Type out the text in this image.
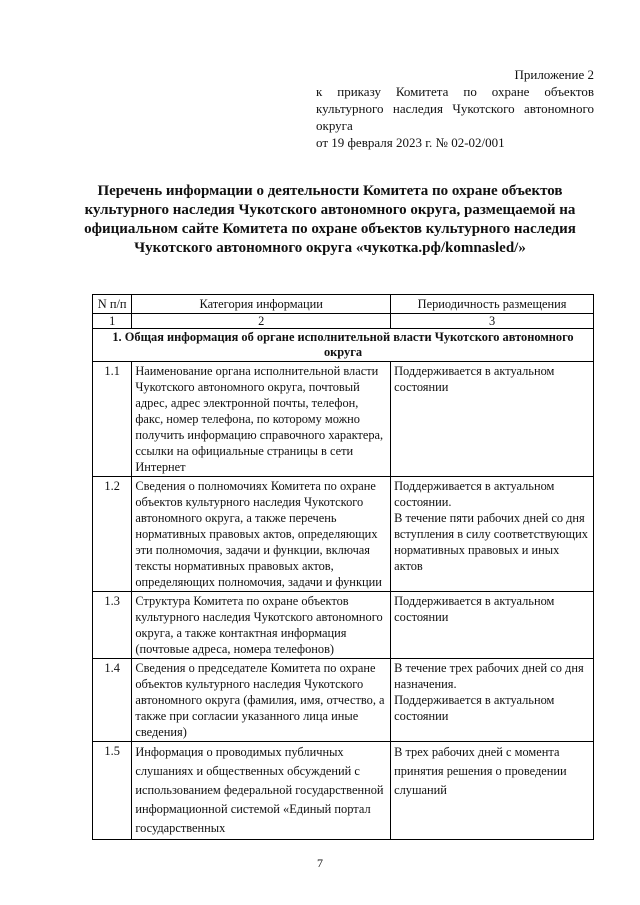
Приложение 2
к приказу Комитета по охране объектов
культурного наследия Чукотского автономного
округа
от 19 февраля 2023 г. № 02-02/001
Перечень информации о деятельности Комитета по охране объектов культурного наследия Чукотского автономного округа, размещаемой на официальном сайте Комитета по охране объектов культурного наследия Чукотского автономного округа «чукотка.рф/komnasled/»
N п/п	Категория информации	Периодичность размещения
1	2	3
1. Общая информация об органе исполнительной власти Чукотского автономного округа		
1.1	Наименование органа исполнительной власти Чукотского автономного округа, почтовый адрес, адрес электронной почты, телефон, факс, номер телефона, по которому можно получить информацию справочного характера, ссылки на официальные страницы в сети Интернет	Поддерживается в актуальном состоянии

1.2	Сведения о полномочиях Комитета по охране объектов культурного наследия Чукотского автономного округа, а также перечень нормативных правовых актов, определяющих эти полномочия, задачи и функции, включая тексты нормативных правовых актов, определяющих полномочия, задачи и функции	Поддерживается в актуальном состоянии.
В течение пяти рабочих дней со дня вступления в силу соответствующих нормативных правовых и иных актов

1.3	Структура Комитета по охране объектов культурного наследия Чукотского автономного округа, а также контактная информация (почтовые адреса, номера телефонов)	Поддерживается в актуальном состоянии

1.4	Сведения о председателе Комитета по охране объектов культурного наследия Чукотского автономного округа (фамилия, имя, отчество, а также при согласии указанного лица иные сведения)	В течение трех рабочих дней со дня назначения.
Поддерживается в актуальном состоянии

1.5	Информация о проводимых публичных слушаниях и общественных обсуждений с использованием федеральной государственной информационной системой «Единый портал государственных	В трех рабочих дней с момента принятия решения о проведении слушаний
7
